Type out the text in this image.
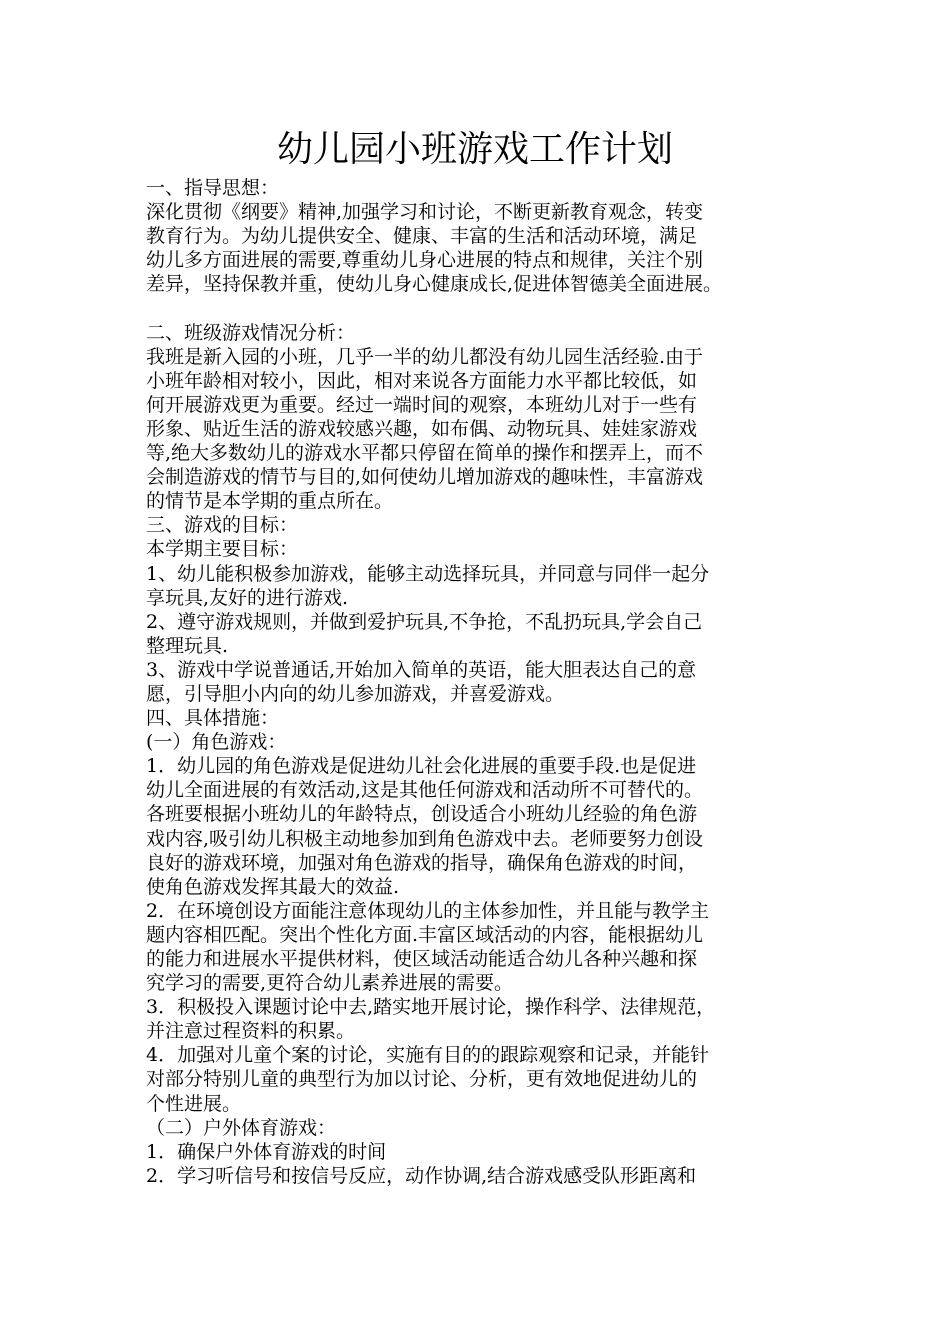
幼儿园小班游戏工作计划
一、指导思想：
深化贯彻《纲要》精神,加强学习和讨论，不断更新教育观念，转变
教育行为。为幼儿提供安全、健康、丰富的生活和活动环境，满足
幼儿多方面进展的需要,尊重幼儿身心进展的特点和规律，关注个别
差异，坚持保教并重，使幼儿身心健康成长,促进体智德美全面进展。
二、班级游戏情况分析：
我班是新入园的小班，几乎一半的幼儿都没有幼儿园生活经验.由于
小班年龄相对较小，因此，相对来说各方面能力水平都比较低，如
何开展游戏更为重要。经过一端时间的观察，本班幼儿对于一些有
形象、贴近生活的游戏较感兴趣，如布偶、动物玩具、娃娃家游戏
等,绝大多数幼儿的游戏水平都只停留在简单的操作和摆弄上，而不
会制造游戏的情节与目的,如何使幼儿增加游戏的趣味性，丰富游戏
的情节是本学期的重点所在。
三、游戏的目标：
本学期主要目标：
1、幼儿能积极参加游戏，能够主动选择玩具，并同意与同伴一起分
享玩具,友好的进行游戏.
2、遵守游戏规则，并做到爱护玩具,不争抢，不乱扔玩具,学会自己
整理玩具.
3、游戏中学说普通话,开始加入简单的英语，能大胆表达自己的意
愿，引导胆小内向的幼儿参加游戏，并喜爱游戏。
四、具体措施：
(一）角色游戏：
1．幼儿园的角色游戏是促进幼儿社会化进展的重要手段.也是促进
幼儿全面进展的有效活动,这是其他任何游戏和活动所不可替代的。
各班要根据小班幼儿的年龄特点，创设适合小班幼儿经验的角色游
戏内容,吸引幼儿积极主动地参加到角色游戏中去。老师要努力创设
良好的游戏环境，加强对角色游戏的指导，确保角色游戏的时间，
使角色游戏发挥其最大的效益.
2．在环境创设方面能注意体现幼儿的主体参加性，并且能与教学主
题内容相匹配。突出个性化方面.丰富区域活动的内容，能根据幼儿
的能力和进展水平提供材料，使区域活动能适合幼儿各种兴趣和探
究学习的需要,更符合幼儿素养进展的需要。
3．积极投入课题讨论中去,踏实地开展讨论，操作科学、法律规范，
并注意过程资料的积累。
4．加强对儿童个案的讨论，实施有目的的跟踪观察和记录，并能针
对部分特别儿童的典型行为加以讨论、分析，更有效地促进幼儿的
个性进展。
（二）户外体育游戏：
1．确保户外体育游戏的时间
2．学习听信号和按信号反应，动作协调,结合游戏感受队形距离和
